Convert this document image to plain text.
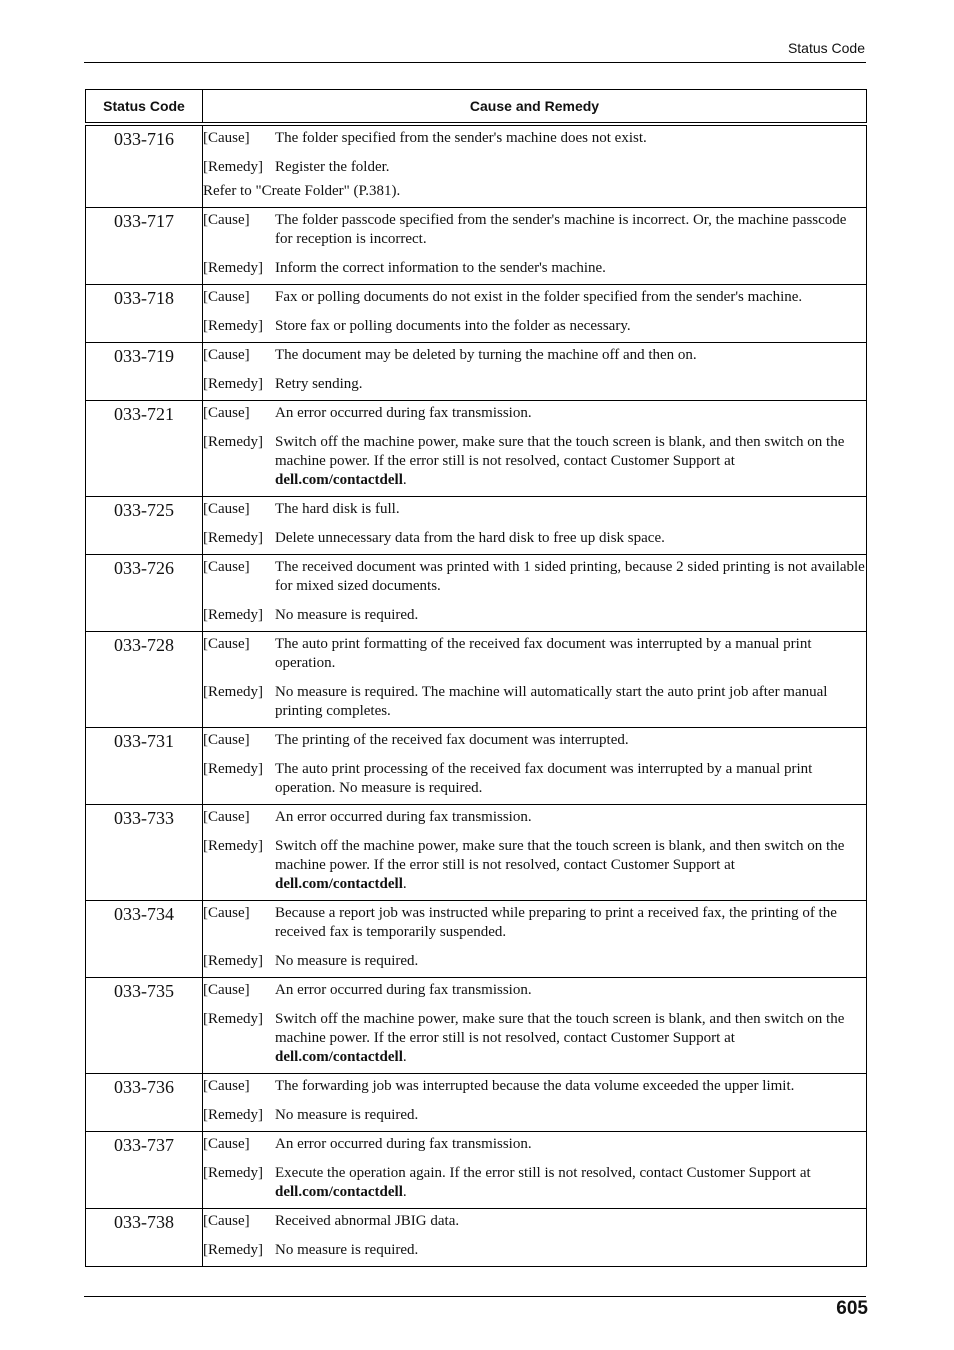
Status Code
Status Code	Cause and Remedy
033-716	[Cause] The folder specified from the sender's machine does not exist.
[Remedy] Register the folder.
Refer to "Create Folder" (P.381).

033-717	[Cause] The folder passcode specified from the sender's machine is incorrect. Or, the machine passcode for reception is incorrect.
[Remedy] Inform the correct information to the sender's machine.

033-718	[Cause] Fax or polling documents do not exist in the folder specified from the sender's machine.
[Remedy] Store fax or polling documents into the folder as necessary.

033-719	[Cause] The document may be deleted by turning the machine off and then on.
[Remedy] Retry sending.

033-721	[Cause] An error occurred during fax transmission.
[Remedy] Switch off the machine power, make sure that the touch screen is blank, and then switch on the machine power. If the error still is not resolved, contact Customer Support at dell.com/contactdell.

033-725	[Cause] The hard disk is full.
[Remedy] Delete unnecessary data from the hard disk to free up disk space.

033-726	[Cause] The received document was printed with 1 sided printing, because 2 sided printing is not available for mixed sized documents.
[Remedy] No measure is required.

033-728	[Cause] The auto print formatting of the received fax document was interrupted by a manual print operation.
[Remedy] No measure is required. The machine will automatically start the auto print job after manual printing completes.

033-731	[Cause] The printing of the received fax document was interrupted.
[Remedy] The auto print processing of the received fax document was interrupted by a manual print operation. No measure is required.

033-733	[Cause] An error occurred during fax transmission.
[Remedy] Switch off the machine power, make sure that the touch screen is blank, and then switch on the machine power. If the error still is not resolved, contact Customer Support at dell.com/contactdell.

033-734	[Cause] Because a report job was instructed while preparing to print a received fax, the printing of the received fax is temporarily suspended.
[Remedy] No measure is required.

033-735	[Cause] An error occurred during fax transmission.
[Remedy] Switch off the machine power, make sure that the touch screen is blank, and then switch on the machine power. If the error still is not resolved, contact Customer Support at dell.com/contactdell.

033-736	[Cause] The forwarding job was interrupted because the data volume exceeded the upper limit.
[Remedy] No measure is required.

033-737	[Cause] An error occurred during fax transmission.
[Remedy] Execute the operation again. If the error still is not resolved, contact Customer Support at dell.com/contactdell.

033-738	[Cause] Received abnormal JBIG data.
[Remedy] No measure is required.
605
